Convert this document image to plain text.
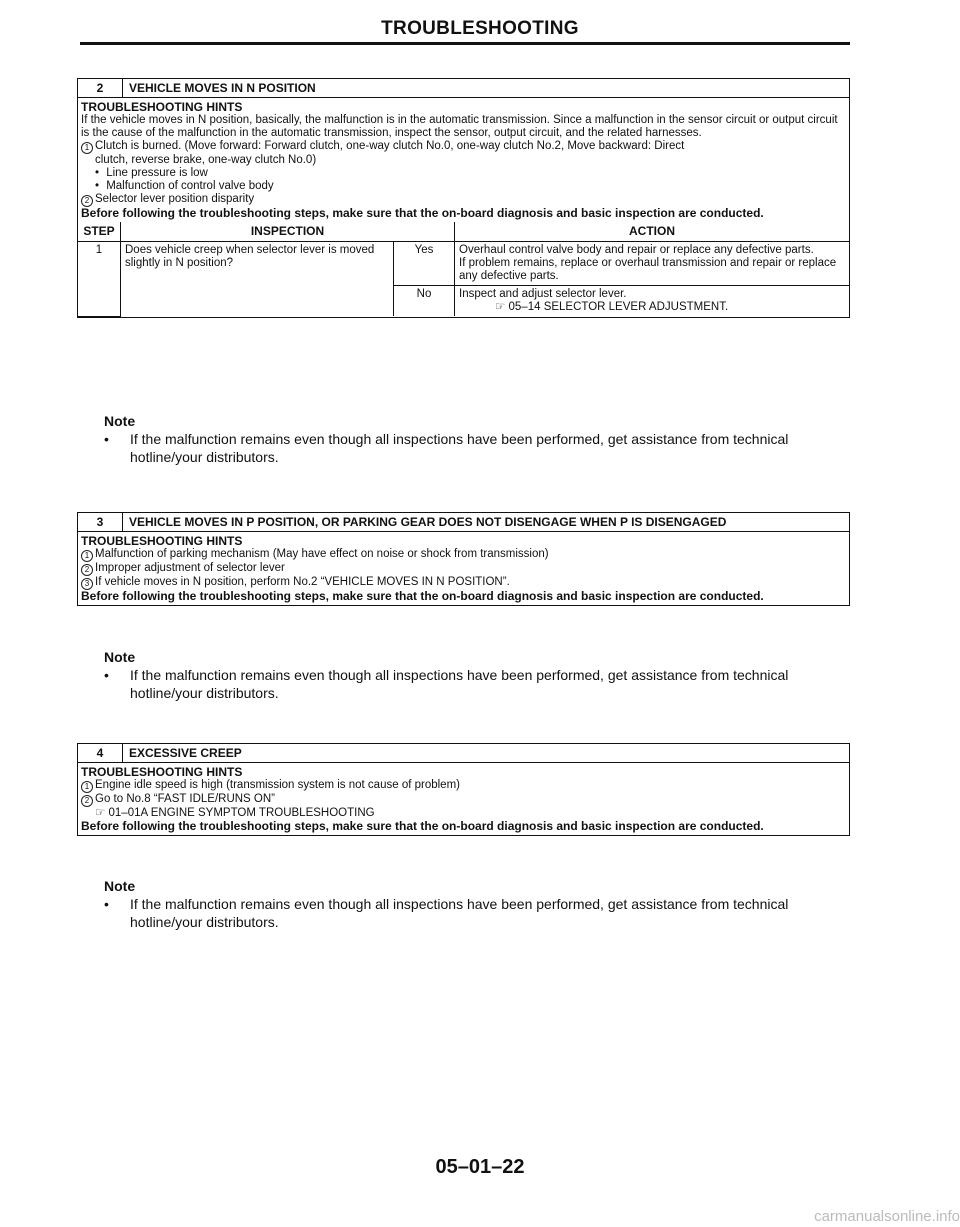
TROUBLESHOOTING
2	VEHICLE MOVES IN N POSITION
TROUBLESHOOTING HINTS
If the vehicle moves in N position, basically, the malfunction is in the automatic transmission. Since a malfunction in the sensor circuit or output circuit is the cause of the malfunction in the automatic transmission, inspect the sensor, output circuit, and the related harnesses.
1 Clutch is burned. (Move forward: Forward clutch, one-way clutch No.0, one-way clutch No.2, Move backward: Direct
clutch, reverse brake, one-way clutch No.0)
• Line pressure is low
• Malfunction of control valve body
2 Selector lever position disparity
Before following the troubleshooting steps, make sure that the on-board diagnosis and basic inspection are conducted.
STEP	INSPECTION		ACTION
1	Does vehicle creep when selector lever is moved slightly in N position?	Yes	Overhaul control valve body and repair or replace any defective parts.
If problem remains, replace or overhaul transmission and repair or replace any defective parts.

		No	Inspect and adjust selector lever.
☞ 05–14 SELECTOR LEVER ADJUSTMENT.
Note
•	If the malfunction remains even though all inspections have been performed, get assistance from technical hotline/your distributors.
3	VEHICLE MOVES IN P POSITION, OR PARKING GEAR DOES NOT DISENGAGE WHEN P IS DISENGAGED
TROUBLESHOOTING HINTS
1 Malfunction of parking mechanism (May have effect on noise or shock from transmission)
2 Improper adjustment of selector lever
3 If vehicle moves in N position, perform No.2 “VEHICLE MOVES IN N POSITION”.
Before following the troubleshooting steps, make sure that the on-board diagnosis and basic inspection are conducted.
Note
•	If the malfunction remains even though all inspections have been performed, get assistance from technical hotline/your distributors.
4	EXCESSIVE CREEP
TROUBLESHOOTING HINTS
1 Engine idle speed is high (transmission system is not cause of problem)
2 Go to No.8 “FAST IDLE/RUNS ON”
☞ 01–01A ENGINE SYMPTOM TROUBLESHOOTING
Before following the troubleshooting steps, make sure that the on-board diagnosis and basic inspection are conducted.
Note
•	If the malfunction remains even though all inspections have been performed, get assistance from technical hotline/your distributors.
05–01–22
carmanualsonline.info
